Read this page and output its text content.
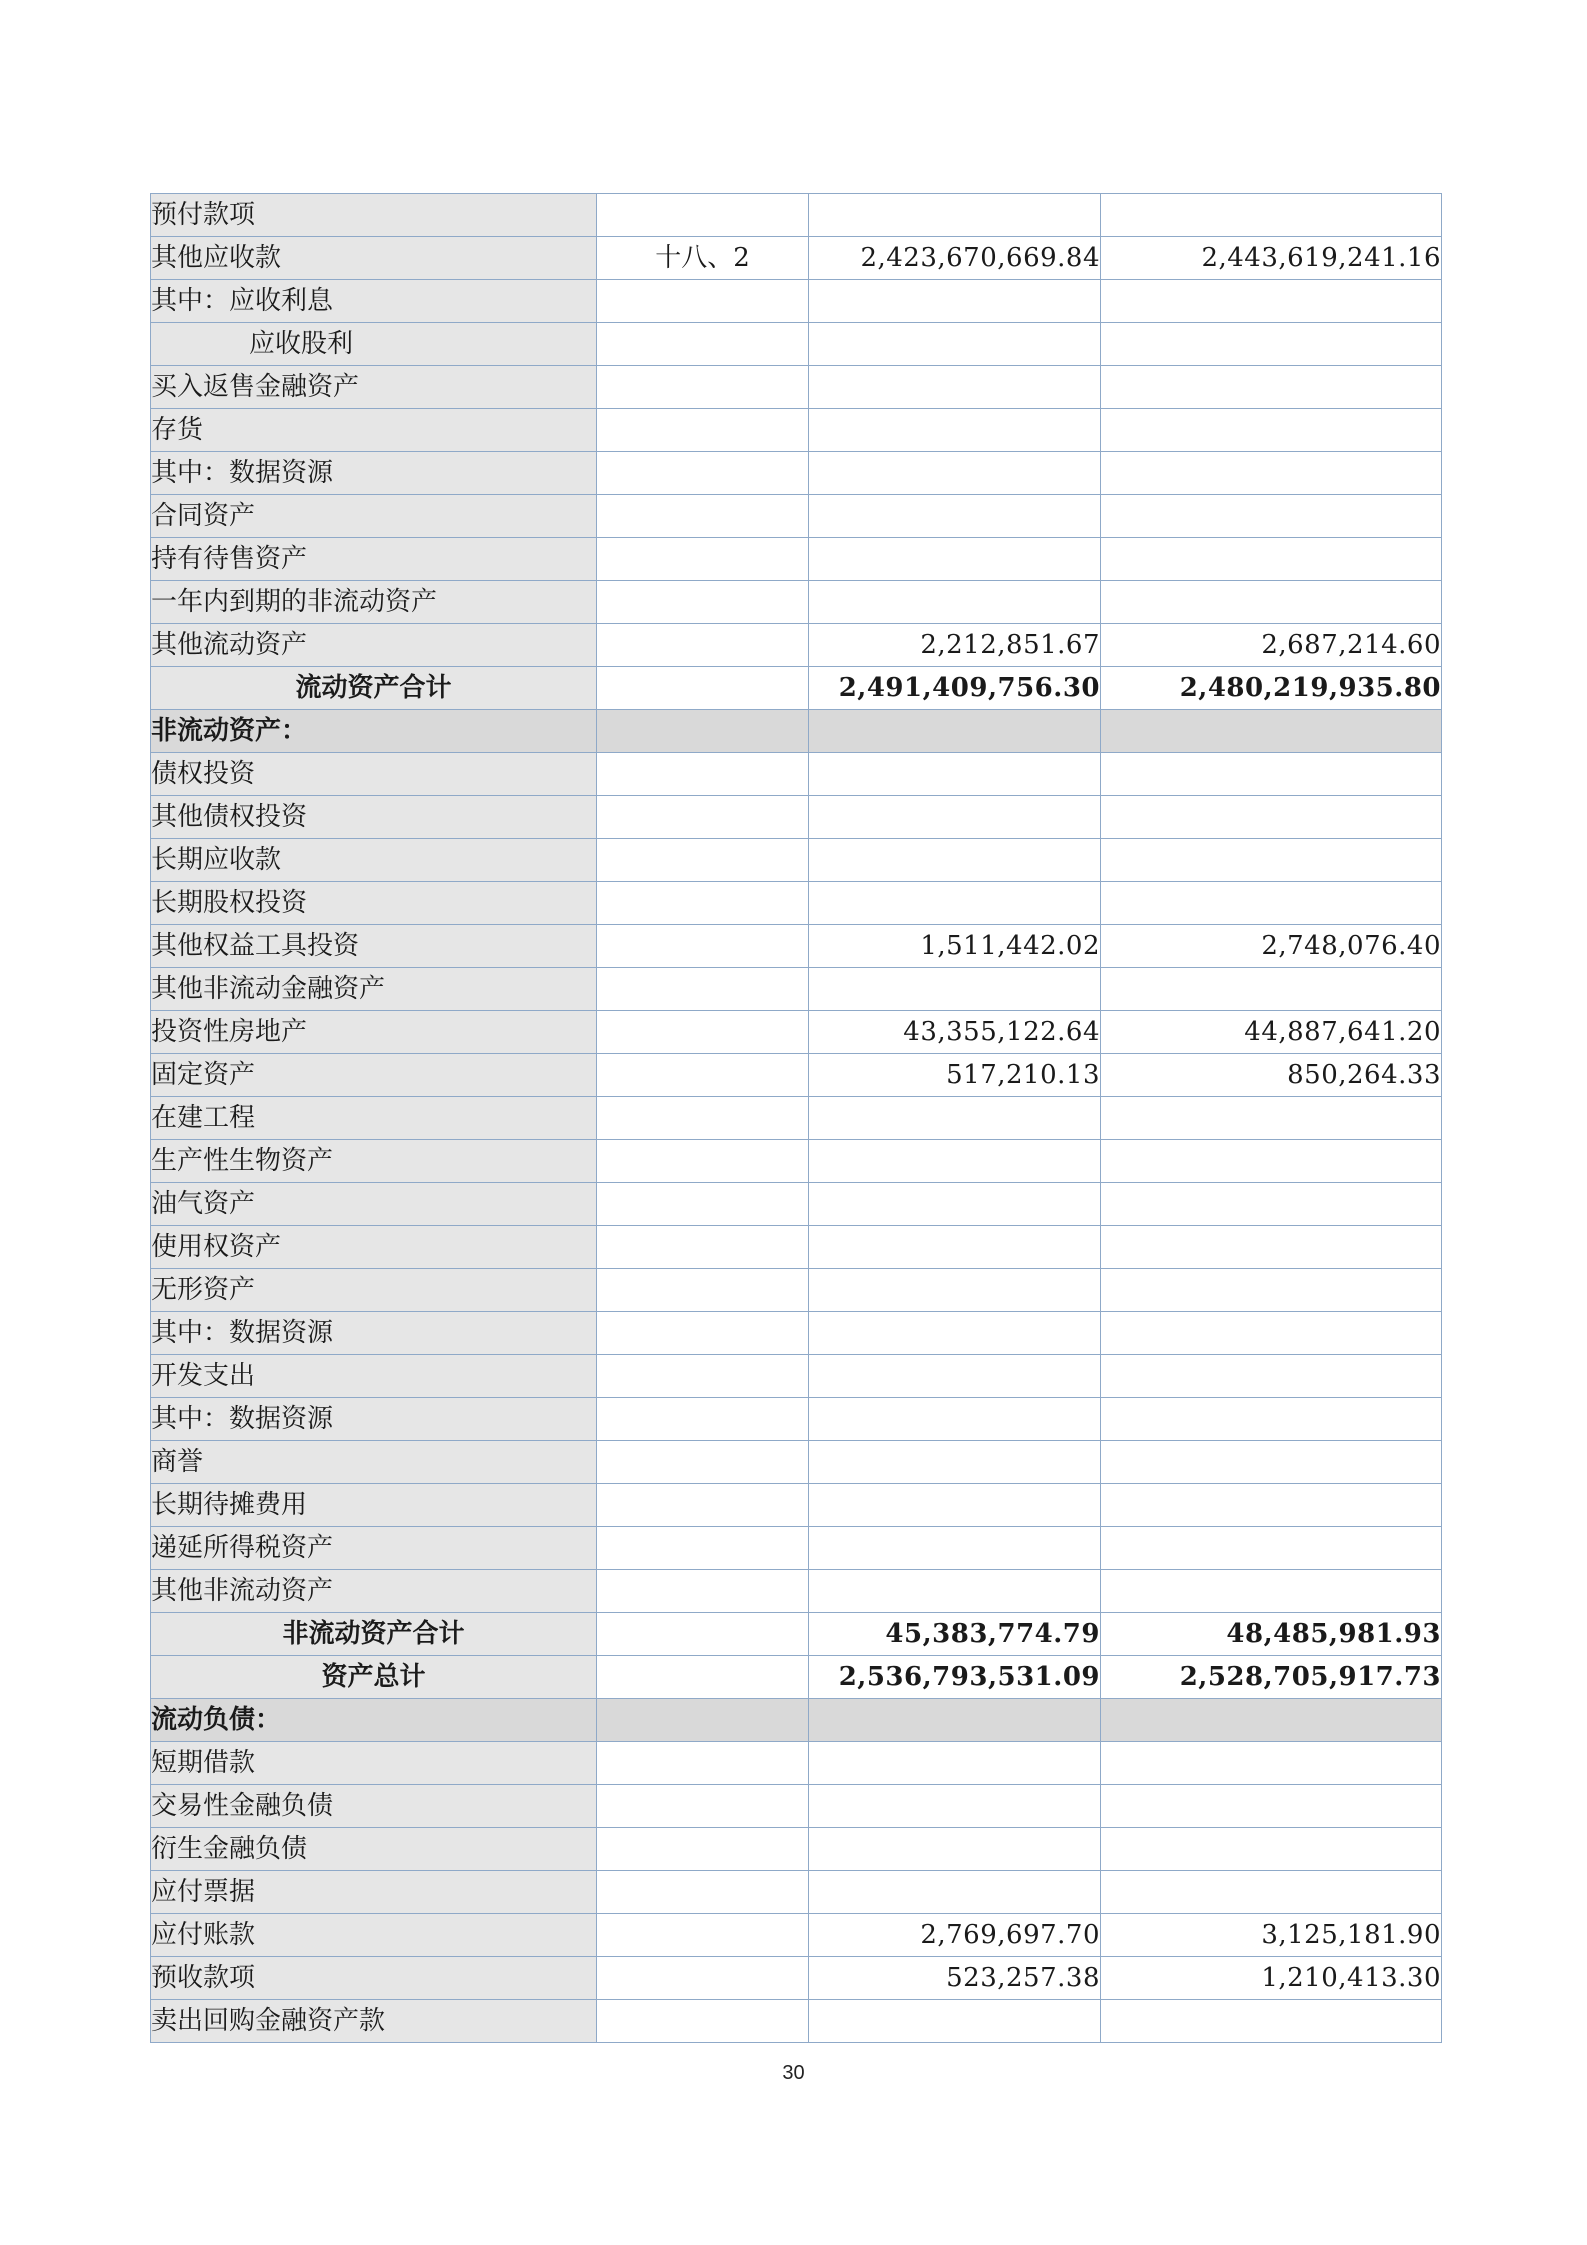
预付款项			
其他应收款	十八、2	2,423,670,669.84	2,443,619,241.16
其中：应收利息			
应收股利			
买入返售金融资产			
存货			
其中：数据资源			
合同资产			
持有待售资产			
一年内到期的非流动资产			
其他流动资产		2,212,851.67	2,687,214.60
流动资产合计		2,491,409,756.30	2,480,219,935.80
非流动资产：			
债权投资			
其他债权投资			
长期应收款			
长期股权投资			
其他权益工具投资		1,511,442.02	2,748,076.40
其他非流动金融资产			
投资性房地产		43,355,122.64	44,887,641.20
固定资产		517,210.13	850,264.33
在建工程			
生产性生物资产			
油气资产			
使用权资产			
无形资产			
其中：数据资源			
开发支出			
其中：数据资源			
商誉			
长期待摊费用			
递延所得税资产			
其他非流动资产			
非流动资产合计		45,383,774.79	48,485,981.93
资产总计		2,536,793,531.09	2,528,705,917.73
流动负债：			
短期借款			
交易性金融负债			
衍生金融负债			
应付票据			
应付账款		2,769,697.70	3,125,181.90
预收款项		523,257.38	1,210,413.30
卖出回购金融资产款			
30
